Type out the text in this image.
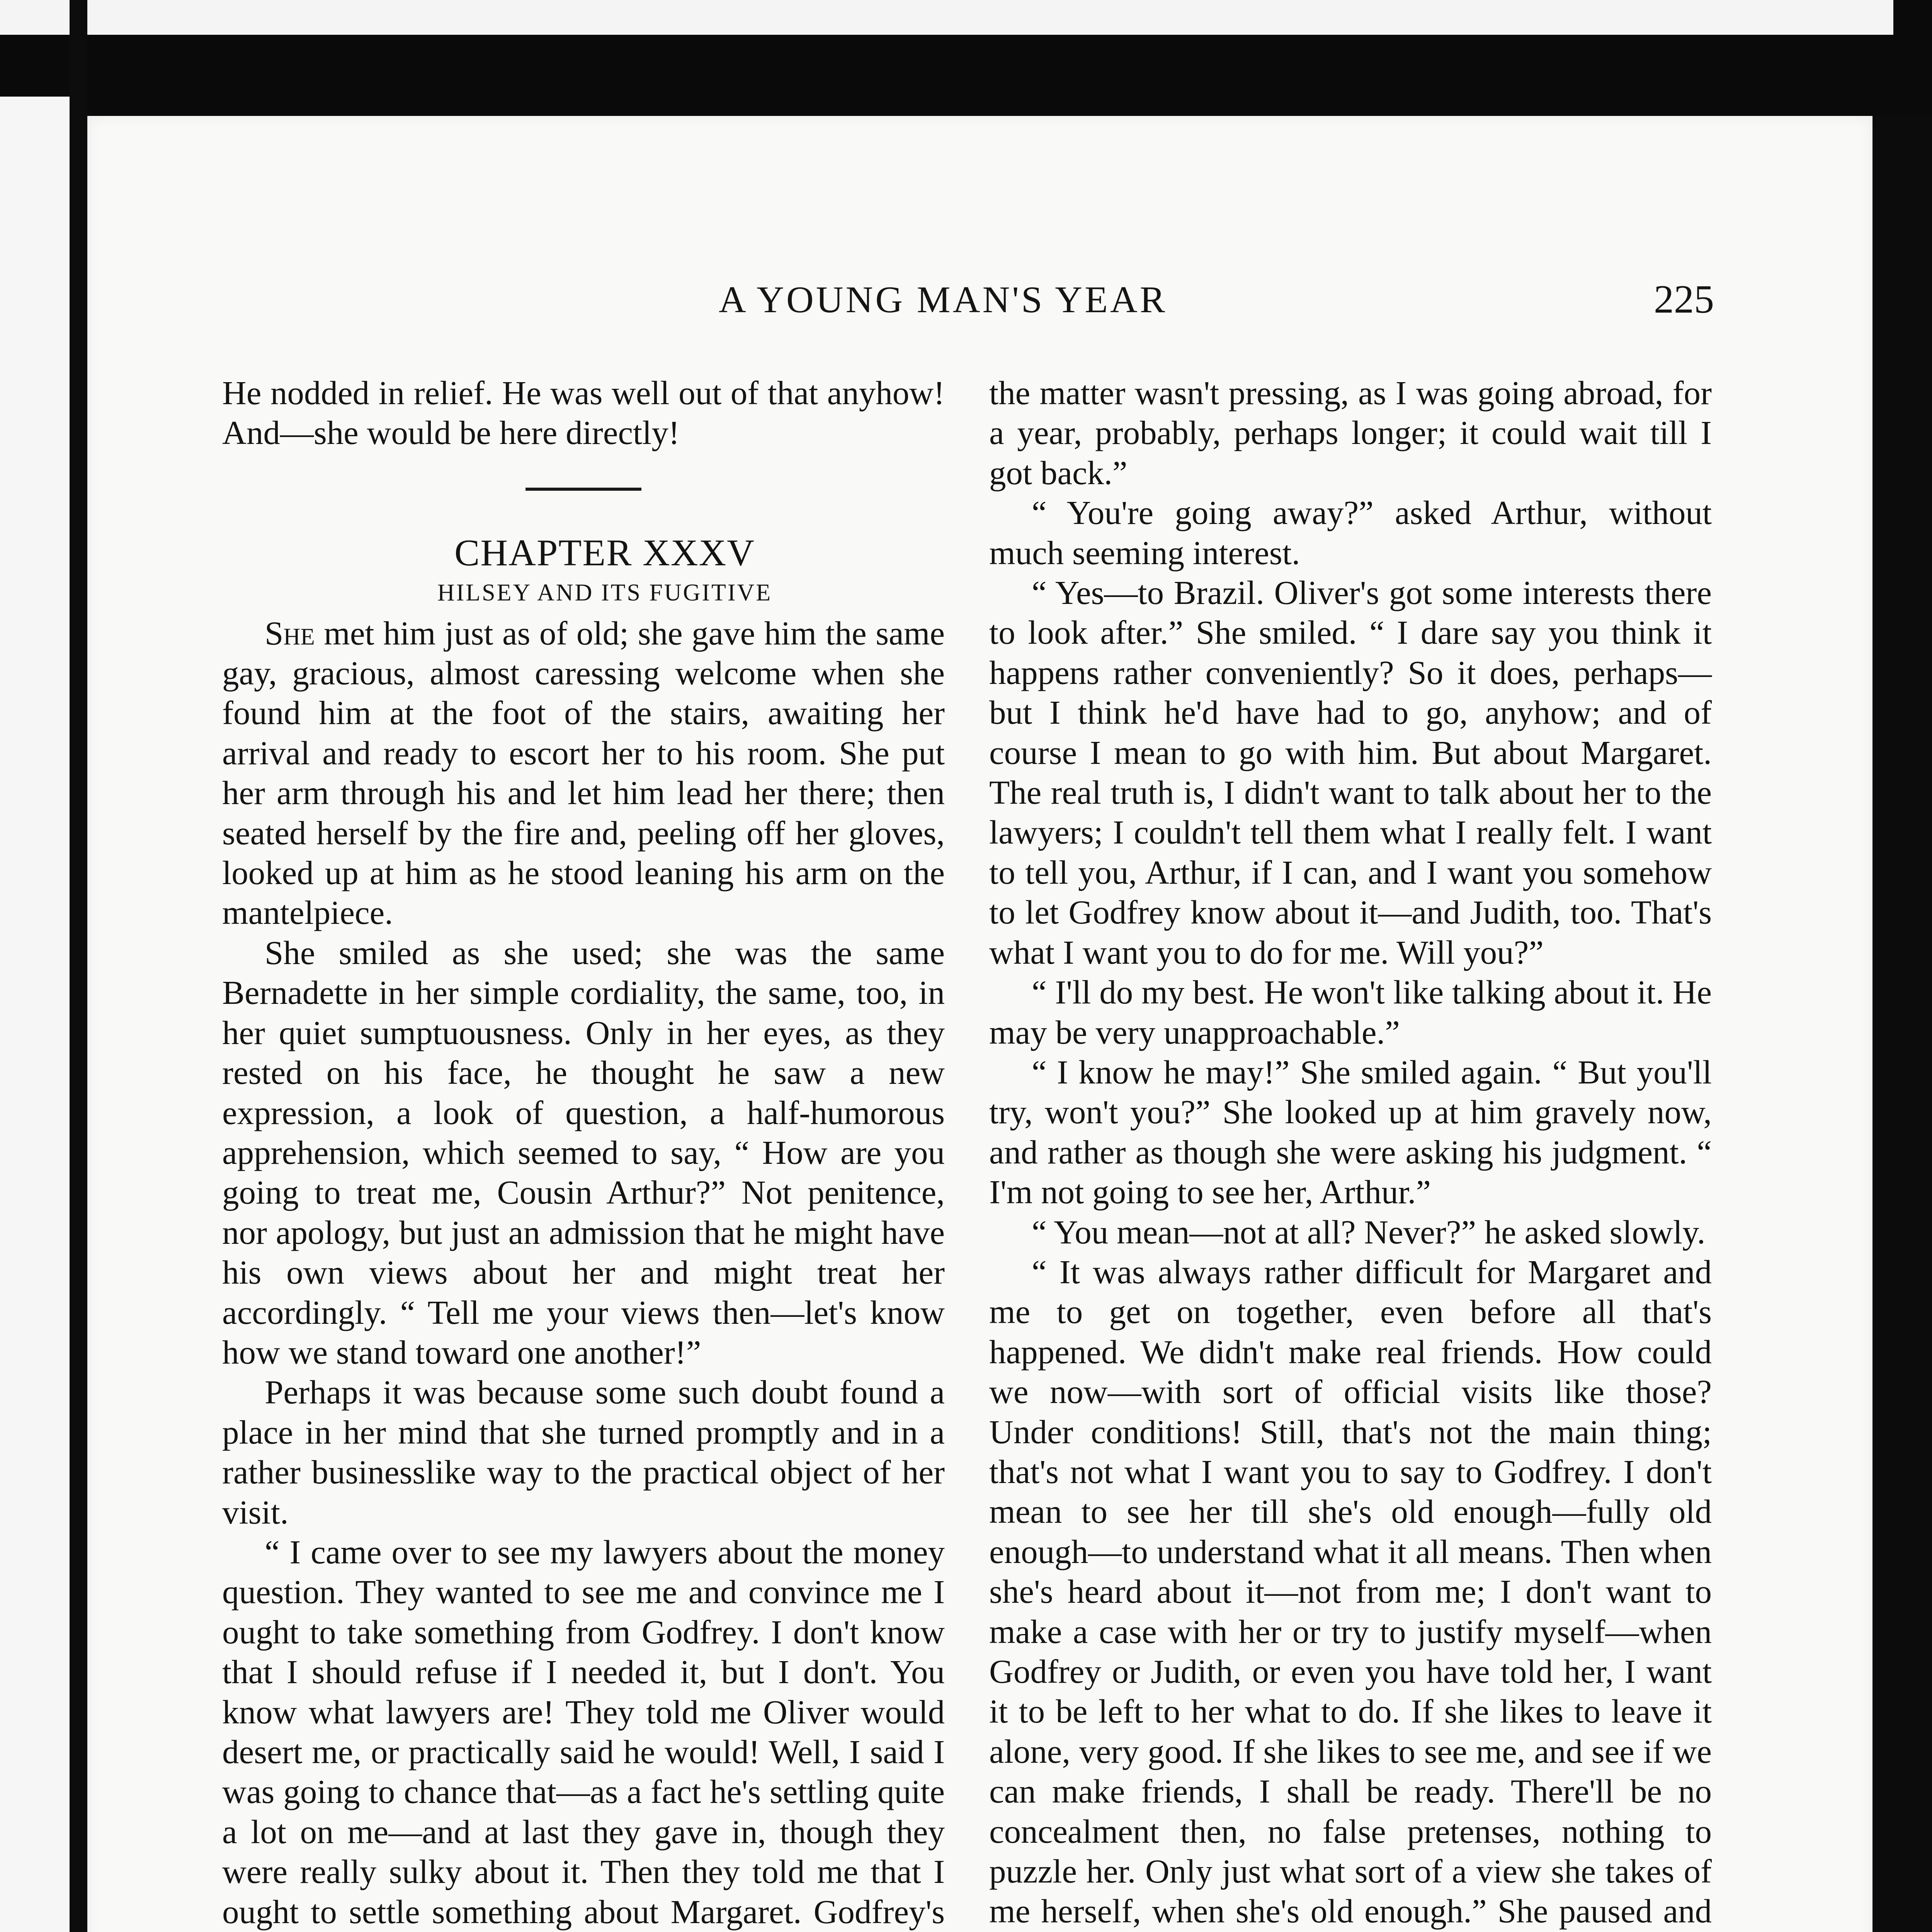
A YOUNG MAN'S YEAR	225

He nodded in relief. He was well out of that anyhow! And—she would be here directly!

CHAPTER XXXV

HILSEY AND ITS FUGITIVE

She met him just as of old; she gave him the same gay, gracious, almost caressing welcome when she found him at the foot of the stairs, awaiting her arrival and ready to escort her to his room. She put her arm through his and let him lead her there; then seated herself by the fire and, peeling off her gloves, looked up at him as he stood leaning his arm on the mantelpiece.

She smiled as she used; she was the same Bernadette in her simple cordiality, the same, too, in her quiet sumptuousness. Only in her eyes, as they rested on his face, he thought he saw a new expression, a look of question, a half-humorous apprehension, which seemed to say, “ How are you going to treat me, Cousin Arthur?” Not penitence, nor apology, but just an admission that he might have his own views about her and might treat her accordingly. “ Tell me your views then—let's know how we stand toward one another!”

Perhaps it was because some such doubt found a place in her mind that she turned promptly and in a rather businesslike way to the practical object of her visit.

“ I came over to see my lawyers about the money question. They wanted to see me and convince me I ought to take something from Godfrey. I don't know that I should refuse if I needed it, but I don't. You know what lawyers are! They told me Oliver would desert me, or practically said he would! Well, I said I was going to chance that—as a fact he's settling quite a lot on me—and at last they gave in, though they were really sulky about it. Then they told me that I ought to settle something about Margaret. Godfrey's

the matter wasn't pressing, as I was going abroad, for a year, probably, perhaps longer; it could wait till I got back.”

“ You're going away?” asked Arthur, without much seeming interest.

“ Yes—to Brazil. Oliver's got some interests there to look after.” She smiled. “ I dare say you think it happens rather conveniently? So it does, perhaps—but I think he'd have had to go, anyhow; and of course I mean to go with him. But about Margaret. The real truth is, I didn't want to talk about her to the lawyers; I couldn't tell them what I really felt. I want to tell you, Arthur, if I can, and I want you somehow to let Godfrey know about it—and Judith, too. That's what I want you to do for me. Will you?”

“ I'll do my best. He won't like talking about it. He may be very unapproachable.”

“ I know he may!” She smiled again. “ But you'll try, won't you?” She looked up at him gravely now, and rather as though she were asking his judgment. “ I'm not going to see her, Arthur.”

“ You mean—not at all? Never?” he asked slowly.

“ It was always rather difficult for Margaret and me to get on together, even before all that's happened. We didn't make real friends. How could we now—with sort of official visits like those? Under conditions! Still, that's not the main thing; that's not what I want you to say to Godfrey. I don't mean to see her till she's old enough—fully old enough—to understand what it all means. Then when she's heard about it—not from me; I don't want to make a case with her or try to justify myself—when Godfrey or Judith, or even you have told her, I want it to be left to her what to do. If she likes to leave it alone, very good. If she likes to see me, and see if we can make friends, I shall be ready. There'll be no concealment then, no false pretenses, nothing to puzzle her. Only just what sort of a view she takes of me herself, when she's old enough.” She paused and
